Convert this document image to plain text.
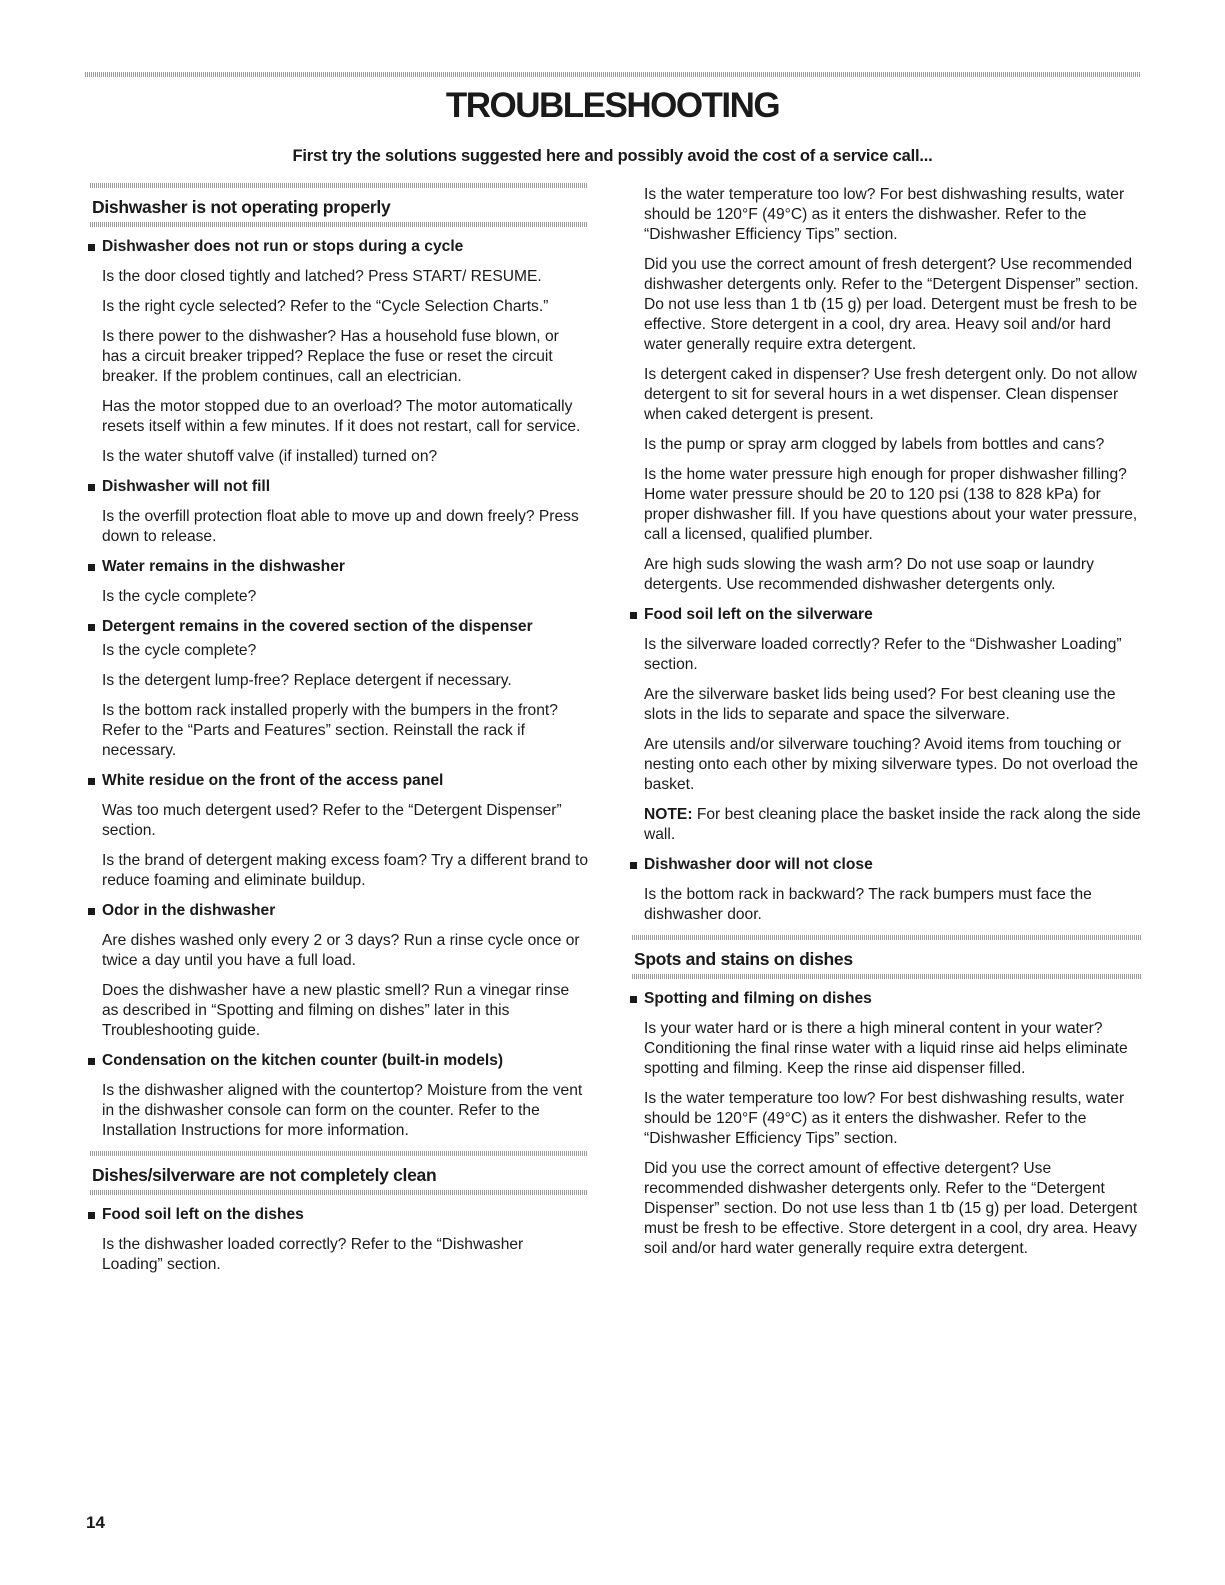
TROUBLESHOOTING

First try the solutions suggested here and possibly avoid the cost of a service call...

Dishwasher is not operating properly

Dishwasher does not run or stops during a cycle

Is the door closed tightly and latched? Press START/ RESUME.

Is the right cycle selected? Refer to the “Cycle Selection Charts.”

Is there power to the dishwasher? Has a household fuse blown, or has a circuit breaker tripped? Replace the fuse or reset the circuit breaker. If the problem continues, call an electrician.

Has the motor stopped due to an overload? The motor automatically resets itself within a few minutes. If it does not restart, call for service.

Is the water shutoff valve (if installed) turned on?

Dishwasher will not fill

Is the overfill protection float able to move up and down freely? Press down to release.

Water remains in the dishwasher

Is the cycle complete?

Detergent remains in the covered section of the dispenser

Is the cycle complete?

Is the detergent lump-free? Replace detergent if necessary.

Is the bottom rack installed properly with the bumpers in the front? Refer to the “Parts and Features” section. Reinstall the rack if necessary.

White residue on the front of the access panel

Was too much detergent used? Refer to the “Detergent Dispenser” section.

Is the brand of detergent making excess foam? Try a different brand to reduce foaming and eliminate buildup.

Odor in the dishwasher

Are dishes washed only every 2 or 3 days? Run a rinse cycle once or twice a day until you have a full load.

Does the dishwasher have a new plastic smell? Run a vinegar rinse as described in “Spotting and filming on dishes” later in this Troubleshooting guide.

Condensation on the kitchen counter (built-in models)

Is the dishwasher aligned with the countertop? Moisture from the vent in the dishwasher console can form on the counter. Refer to the Installation Instructions for more information.

Dishes/silverware are not completely clean

Food soil left on the dishes

Is the dishwasher loaded correctly? Refer to the “Dishwasher Loading” section.

Is the water temperature too low? For best dishwashing results, water should be 120°F (49°C) as it enters the dishwasher. Refer to the “Dishwasher Efficiency Tips” section.

Did you use the correct amount of fresh detergent? Use recommended dishwasher detergents only. Refer to the “Detergent Dispenser” section. Do not use less than 1 tb (15 g) per load. Detergent must be fresh to be effective. Store detergent in a cool, dry area. Heavy soil and/or hard water generally require extra detergent.

Is detergent caked in dispenser? Use fresh detergent only. Do not allow detergent to sit for several hours in a wet dispenser. Clean dispenser when caked detergent is present.

Is the pump or spray arm clogged by labels from bottles and cans?

Is the home water pressure high enough for proper dishwasher filling? Home water pressure should be 20 to 120 psi (138 to 828 kPa) for proper dishwasher fill. If you have questions about your water pressure, call a licensed, qualified plumber.

Are high suds slowing the wash arm? Do not use soap or laundry detergents. Use recommended dishwasher detergents only.

Food soil left on the silverware

Is the silverware loaded correctly? Refer to the “Dishwasher Loading” section.

Are the silverware basket lids being used? For best cleaning use the slots in the lids to separate and space the silverware.

Are utensils and/or silverware touching? Avoid items from touching or nesting onto each other by mixing silverware types. Do not overload the basket.

NOTE: For best cleaning place the basket inside the rack along the side wall.

Dishwasher door will not close

Is the bottom rack in backward? The rack bumpers must face the dishwasher door.

Spots and stains on dishes

Spotting and filming on dishes

Is your water hard or is there a high mineral content in your water? Conditioning the final rinse water with a liquid rinse aid helps eliminate spotting and filming. Keep the rinse aid dispenser filled.

Is the water temperature too low? For best dishwashing results, water should be 120°F (49°C) as it enters the dishwasher. Refer to the “Dishwasher Efficiency Tips” section.

Did you use the correct amount of effective detergent? Use recommended dishwasher detergents only. Refer to the “Detergent Dispenser” section. Do not use less than 1 tb (15 g) per load. Detergent must be fresh to be effective. Store detergent in a cool, dry area. Heavy soil and/or hard water generally require extra detergent.

14
